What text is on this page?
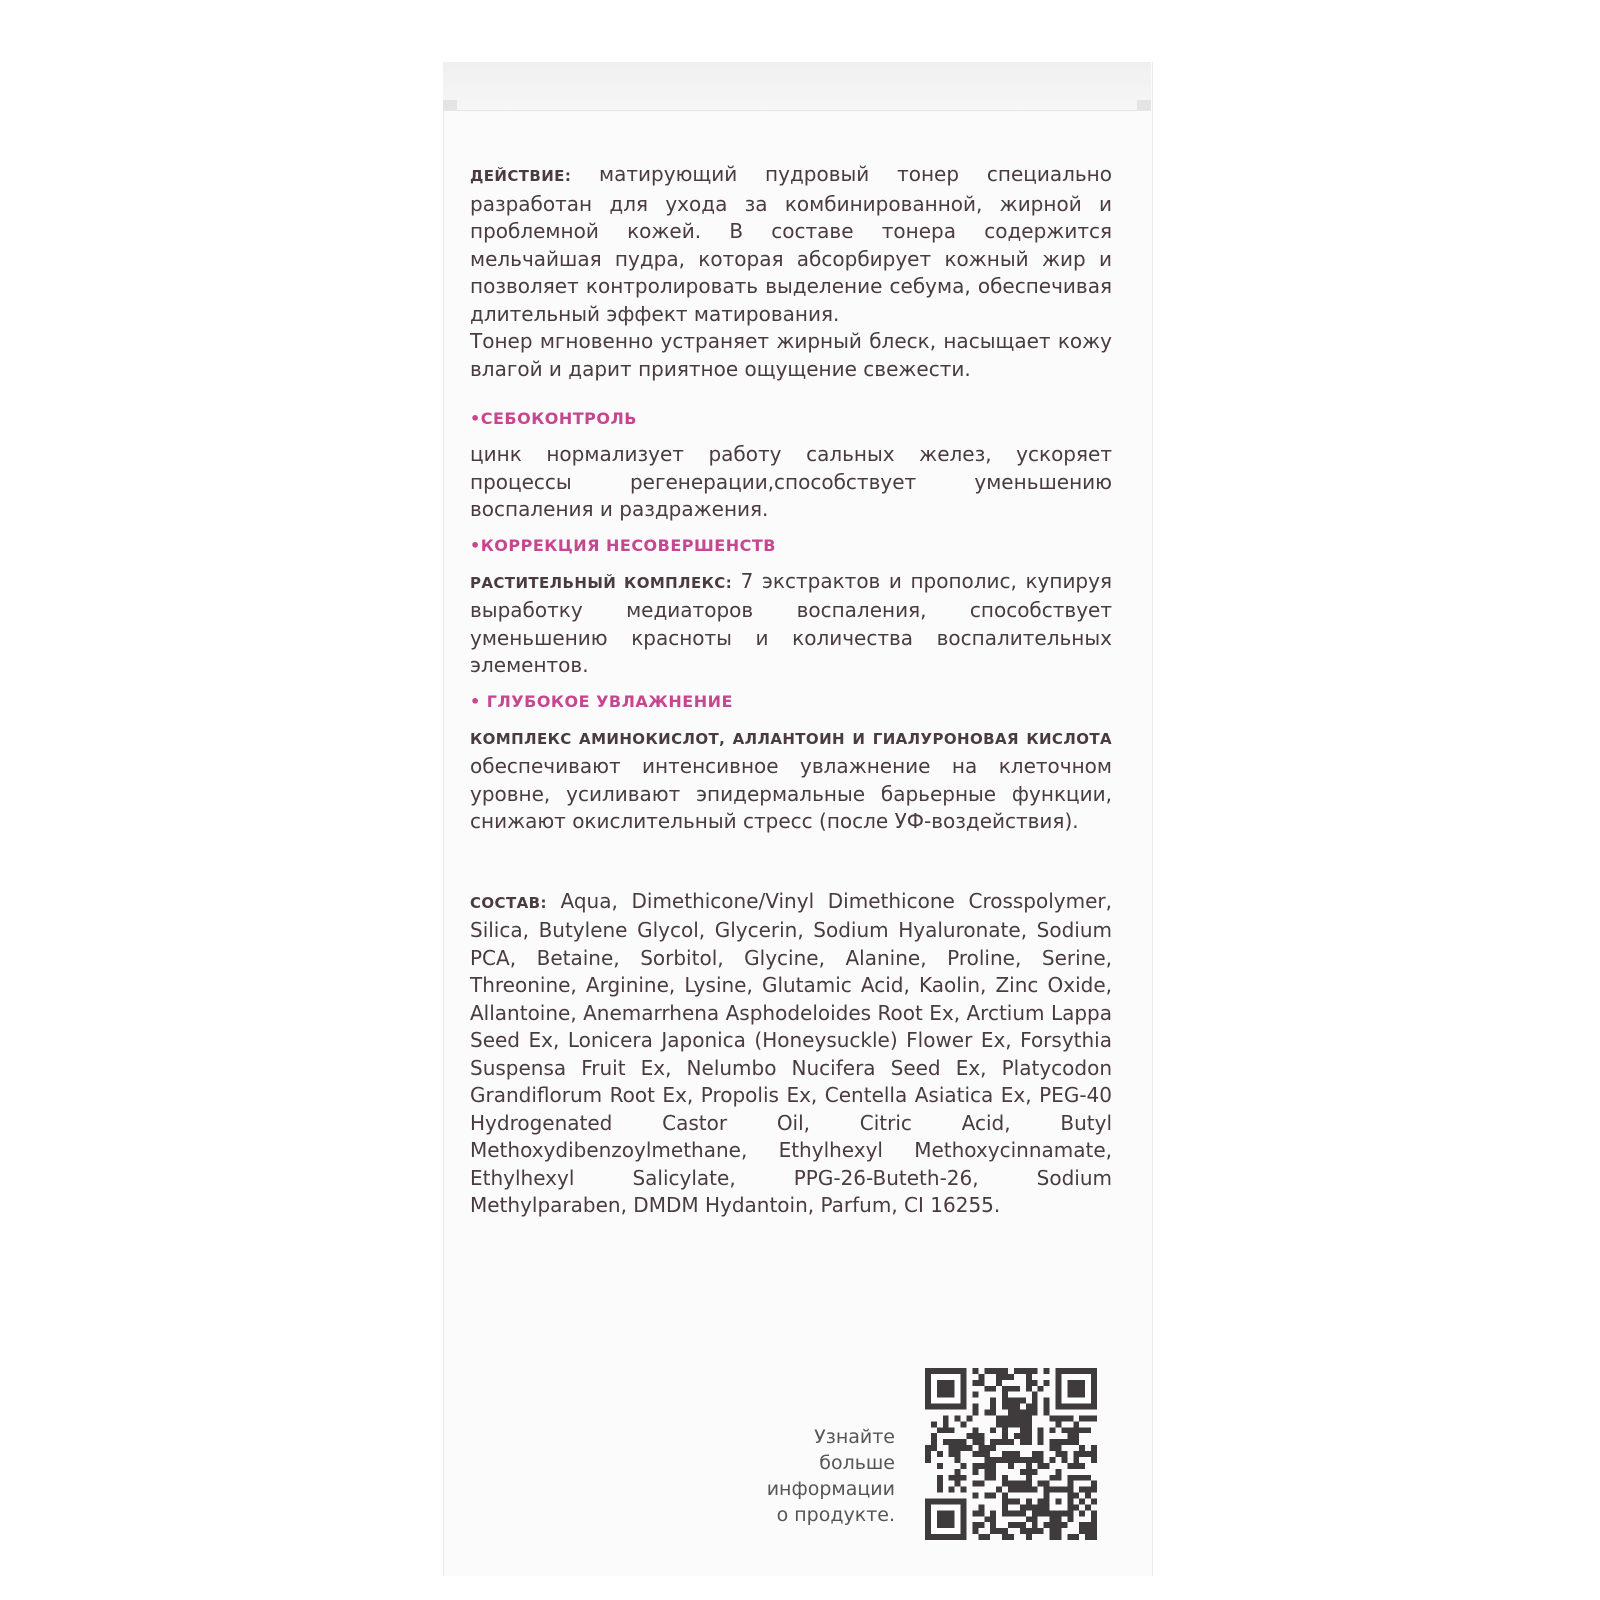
ДЕЙСТВИЕ: матирующий пудровый тонер специально разработан для ухода за комбинированной, жирной и проблемной кожей. В составе тонера содержится мельчайшая пудра, которая абсорбирует кожный жир и позволяет контролировать выделение себума, обеспечивая длительный эффект матирования.

Тонер мгновенно устраняет жирный блеск, насыщает кожу влагой и дарит приятное ощущение свежести.

•СЕБОКОНТРОЛЬ

цинк нормализует работу сальных желез, ускоряет процессы регенерации,способствует уменьшению воспаления и раздражения.

•КОРРЕКЦИЯ НЕСОВЕРШЕНСТВ

РАСТИТЕЛЬНЫЙ КОМПЛЕКС: 7 экстрактов и прополис, купируя выработку медиаторов воспаления, способствует уменьшению красноты и количества воспалительных элементов.

• ГЛУБОКОЕ УВЛАЖНЕНИЕ

КОМПЛЕКС АМИНОКИСЛОТ, АЛЛАНТОИН И ГИАЛУРОНОВАЯ КИСЛОТА обеспечивают интенсивное увлажнение на клеточном уровне, усиливают эпидермальные барьерные функции, снижают окислительный стресс (после УФ-воздействия).

СОСТАВ: Aqua, Dimethicone/Vinyl Dimethicone Crosspolymer, Silica, Butylene Glycol, Glycerin, Sodium Hyaluronate, Sodium PCA, Betaine, Sorbitol, Glycine, Alanine, Proline, Serine, Threonine, Arginine, Lysine, Glutamic Acid, Kaolin, Zinc Oxide, Allantoine, Anemarrhena Asphodeloides Root Ex, Arctium Lappa Seed Ex, Lonicera Japonica (Honeysuckle) Flower Ex, Forsythia Suspensa Fruit Ex, Nelumbo Nucifera Seed Ex, Platycodon Grandiflorum Root Ex, Propolis Ex, Centella Asiatica Ex, PEG-40 Hydrogenated Castor Oil, Citric Acid, Butyl Methoxydibenzoylmethane, Ethylhexyl Methoxycinnamate, Ethylhexyl Salicylate, PPG-26-Buteth-26, Sodium Methylparaben, DMDM Hydantoin, Parfum, CI 16255.

Узнайте
больше
информации
о продукте.
